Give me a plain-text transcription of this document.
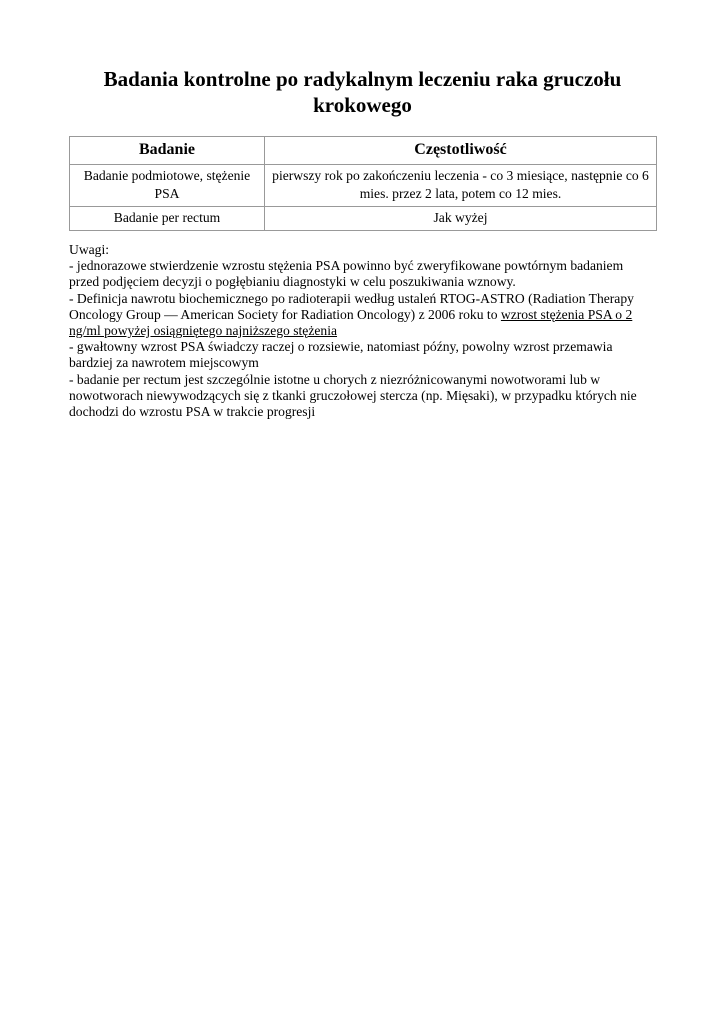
Badania kontrolne po radykalnym leczeniu raka gruczołu krokowego
Badanie	Częstotliwość
Badanie podmiotowe, stężenie PSA	pierwszy rok po zakończeniu leczenia - co 3 miesiące, następnie co 6 mies. przez 2 lata, potem co 12 mies.
Badanie per rectum	Jak wyżej

Uwagi:

- jednorazowe stwierdzenie wzrostu stężenia PSA powinno być zweryfikowane powtórnym badaniem przed podjęciem decyzji o pogłębianiu diagnostyki w celu poszukiwania wznowy.

- Definicja nawrotu biochemicznego po radioterapii według ustaleń RTOG-ASTRO (Radiation Therapy Oncology Group — American Society for Radiation Oncology) z 2006 roku to wzrost stężenia PSA o 2 ng/ml powyżej osiągniętego najniższego stężenia

- gwałtowny wzrost PSA świadczy raczej o rozsiewie, natomiast późny, powolny wzrost przemawia bardziej za nawrotem miejscowym

- badanie per rectum jest szczególnie istotne u chorych z niezróżnicowanymi nowotworami lub w nowotworach niewywodzących się z tkanki gruczołowej stercza (np. Mięsaki), w przypadku których nie dochodzi do wzrostu PSA w trakcie progresji
